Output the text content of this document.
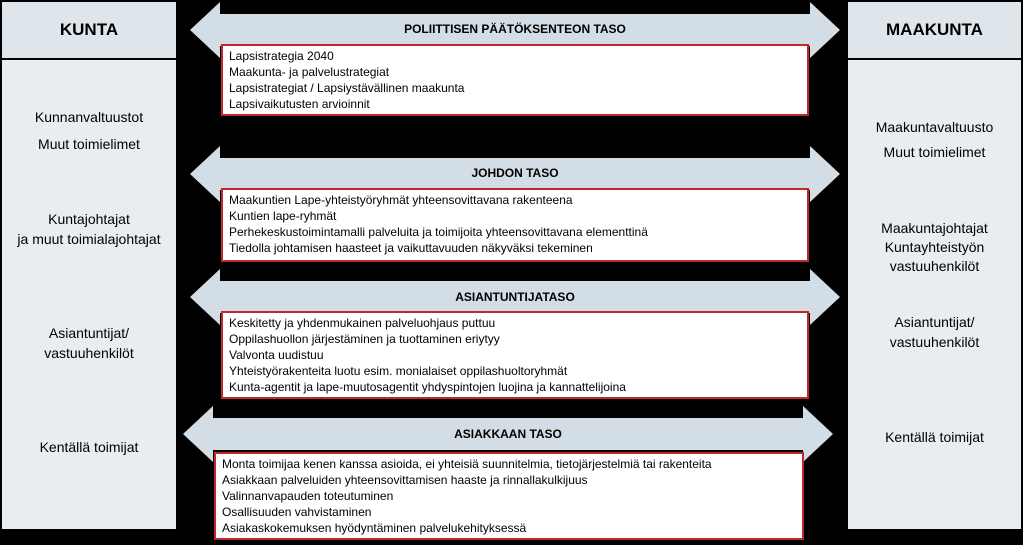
Kunnanvaltuustot
Muut toimielimet
Kuntajohtajat
ja muut toimialajohtajat
Asiantuntijat/
vastuuhenkilöt
Kentällä toimijat
KUNTA
Maakuntavaltuusto
Muut toimielimet
Maakuntajohtajat
Kuntayhteistyön
vastuuhenkilöt
Asiantuntijat/
vastuuhenkilöt
Kentällä toimijat
MAAKUNTA
POLIITTISEN PÄÄTÖKSENTEON TASO
Lapsistrategia 2040
Maakunta- ja palvelustrategiat
Lapsistrategiat / Lapsiystävällinen maakunta
Lapsivaikutusten arvioinnit
JOHDON TASO
Maakuntien Lape-yhteistyöryhmät yhteensovittavana rakenteena
Kuntien lape-ryhmät
Perhekeskustoimintamalli palveluita ja toimijoita yhteensovittavana elementtinä
Tiedolla johtamisen haasteet ja vaikuttavuuden näkyväksi tekeminen
ASIANTUNTIJATASO
Keskitetty ja yhdenmukainen palveluohjaus puttuu
Oppilashuollon järjestäminen ja tuottaminen eriytyy
Valvonta uudistuu
Yhteistyörakenteita luotu esim. monialaiset oppilashuoltoryhmät
Kunta-agentit ja lape-muutosagentit yhdyspintojen luojina ja kannattelijoina
ASIAKKAAN TASO
Monta toimijaa kenen kanssa asioida, ei yhteisiä suunnitelmia, tietojärjestelmiä tai rakenteita
Asiakkaan palveluiden yhteensovittamisen haaste ja rinnallakulkijuus
Valinnanvapauden toteutuminen
Osallisuuden vahvistaminen
Asiakaskokemuksen hyödyntäminen palvelukehityksessä
